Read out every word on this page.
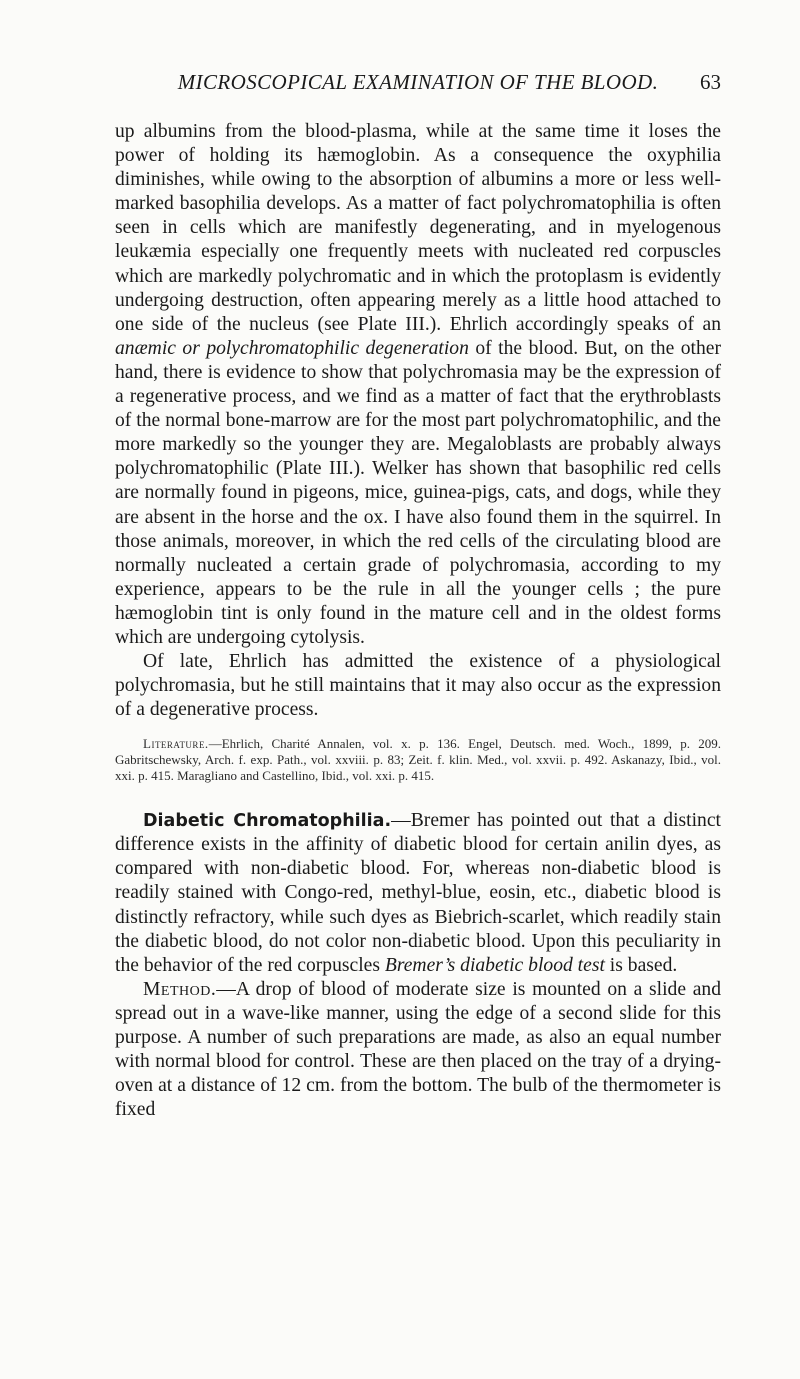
MICROSCOPICAL EXAMINATION OF THE BLOOD.	63

up albumins from the blood-plasma, while at the same time it loses the power of holding its hæmoglobin. As a consequence the oxyphilia diminishes, while owing to the absorption of albumins a more or less well-marked basophilia develops. As a matter of fact polychromatophilia is often seen in cells which are manifestly degenerating, and in myelogenous leukæmia especially one frequently meets with nucleated red corpuscles which are markedly polychromatic and in which the protoplasm is evidently undergoing destruction, often appearing merely as a little hood attached to one side of the nucleus (see Plate III.). Ehrlich accordingly speaks of an anæmic or polychromatophilic degeneration of the blood. But, on the other hand, there is evidence to show that polychromasia may be the expression of a regenerative process, and we find as a matter of fact that the erythroblasts of the normal bone-marrow are for the most part polychromatophilic, and the more markedly so the younger they are. Megaloblasts are probably always polychromatophilic (Plate III.). Welker has shown that basophilic red cells are normally found in pigeons, mice, guinea-pigs, cats, and dogs, while they are absent in the horse and the ox. I have also found them in the squirrel. In those animals, moreover, in which the red cells of the circulating blood are normally nucleated a certain grade of polychromasia, according to my experience, appears to be the rule in all the younger cells ; the pure hæmoglobin tint is only found in the mature cell and in the oldest forms which are undergoing cytolysis.

Of late, Ehrlich has admitted the existence of a physiological polychromasia, but he still maintains that it may also occur as the expression of a degenerative process.

Literature.—Ehrlich, Charité Annalen, vol. x. p. 136. Engel, Deutsch. med. Woch., 1899, p. 209. Gabritschewsky, Arch. f. exp. Path., vol. xxviii. p. 83; Zeit. f. klin. Med., vol. xxvii. p. 492. Askanazy, Ibid., vol. xxi. p. 415. Maragliano and Castellino, Ibid., vol. xxi. p. 415.

Diabetic Chromatophilia.—Bremer has pointed out that a distinct difference exists in the affinity of diabetic blood for certain anilin dyes, as compared with non-diabetic blood. For, whereas non-diabetic blood is readily stained with Congo-red, methyl-blue, eosin, etc., diabetic blood is distinctly refractory, while such dyes as Biebrich-scarlet, which readily stain the diabetic blood, do not color non-diabetic blood. Upon this peculiarity in the behavior of the red corpuscles Bremer’s diabetic blood test is based.

Method.—A drop of blood of moderate size is mounted on a slide and spread out in a wave-like manner, using the edge of a second slide for this purpose. A number of such preparations are made, as also an equal number with normal blood for control. These are then placed on the tray of a drying-oven at a distance of 12 cm. from the bottom. The bulb of the thermometer is fixed
